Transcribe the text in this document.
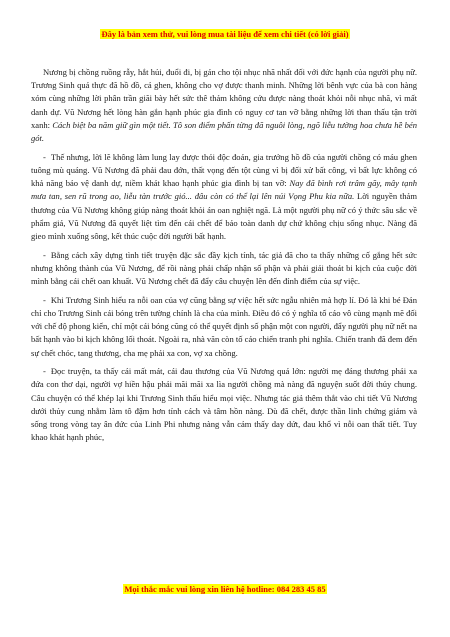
Đây là bản xem thử, vui lòng mua tài liệu để xem chi tiết (có lời giải)

Nương bị chồng ruồng rẫy, hắt hủi, đuổi đi, bị gán cho tội nhục nhã nhất đối với đức hạnh của người phụ nữ. Trương Sinh quá thực đã hồ đồ, cả ghen, không cho vợ được thanh minh. Những lời bênh vực của bà con hàng xóm cùng những lời phân trần giãi bày hết sức thê thảm không cứu được nàng thoát khỏi nỗi nhục nhã, vì mất danh dự. Vũ Nương hết lòng hàn gắn hạnh phúc gia đình có nguy cơ tan vỡ bằng những lời than thấu tận trời xanh: Cách biệt ba năm giữ gìn một tiết. Tô son điểm phấn từng đã nguôi lòng, ngõ liễu tường hoa chưa hề bén gót.

- Thế nhưng, lời lẽ không làm lung lay được thói độc đoán, gia trưởng hồ đồ của người chồng có máu ghen tuông mù quáng. Vũ Nương đã phải đau đớn, thất vọng đến tột cùng vì bị đối xử bất công, vì bất lực không có khả năng bảo vệ danh dự, niềm khát khao hạnh phúc gia đình bị tan vỡ: Nay đã bình rơi trâm gãy, mây tạnh mưa tan, sen rũ trong ao, liễu tàn trước gió... đâu còn có thể lại lên núi Vọng Phu kia nữa. Lời nguyền thảm thương của Vũ Nương không giúp nàng thoát khỏi án oan nghiệt ngã. Là một người phụ nữ có ý thức sâu sắc về phẩm giá, Vũ Nương đã quyết liệt tìm đến cái chết để bảo toàn danh dự chứ không chịu sống nhục. Nàng đã gieo mình xuống sông, kết thúc cuộc đời người bất hạnh.

- Bằng cách xây dựng tình tiết truyện đặc sắc đầy kịch tính, tác giả đã cho ta thấy những cố gắng hết sức nhưng không thành của Vũ Nương, để rồi nàng phải chấp nhận số phận và phải giải thoát bi kịch của cuộc đời mình bằng cái chết oan khuất. Vũ Nương chết đã đẩy câu chuyện lên đến đỉnh điểm của sự việc.

- Khi Trương Sinh hiểu ra nỗi oan của vợ cũng bằng sự việc hết sức ngẫu nhiên mà hợp lí. Đó là khi bé Đản chỉ cho Trương Sinh cái bóng trên tường chính là cha của mình. Điều đó có ý nghĩa tố cáo vô cùng mạnh mẽ đối với chế độ phong kiến, chỉ một cái bóng cũng có thể quyết định số phận một con người, đẩy người phụ nữ nết na bất hạnh vào bi kịch không lối thoát. Ngoài ra, nhà văn còn tố cáo chiến tranh phi nghĩa. Chiến tranh đã đem đến sự chết chóc, tang thương, cha mẹ phải xa con, vợ xa chồng.

- Đọc truyện, ta thấy cái mất mát, cái đau thương của Vũ Nương quá lớn: người mẹ đáng thương phải xa đứa con thơ dại, người vợ hiền hậu phải mãi mãi xa lìa người chồng mà nàng đã nguyện suốt đời thủy chung. Câu chuyện có thể khép lại khi Trương Sinh thấu hiểu mọi việc. Nhưng tác giả thêm thắt vào chi tiết Vũ Nương dưới thủy cung nhằm làm tô đậm hơn tính cách và tâm hồn nàng. Dù đã chết, được thần linh chứng giám và sống trong vòng tay ân đức của Linh Phi nhưng nàng vẫn cảm thấy day dứt, đau khổ vì nỗi oan thất tiết. Tuy khao khát hạnh phúc,

Mọi thắc mắc vui lòng xin liên hệ hotline: 084 283 45 85
